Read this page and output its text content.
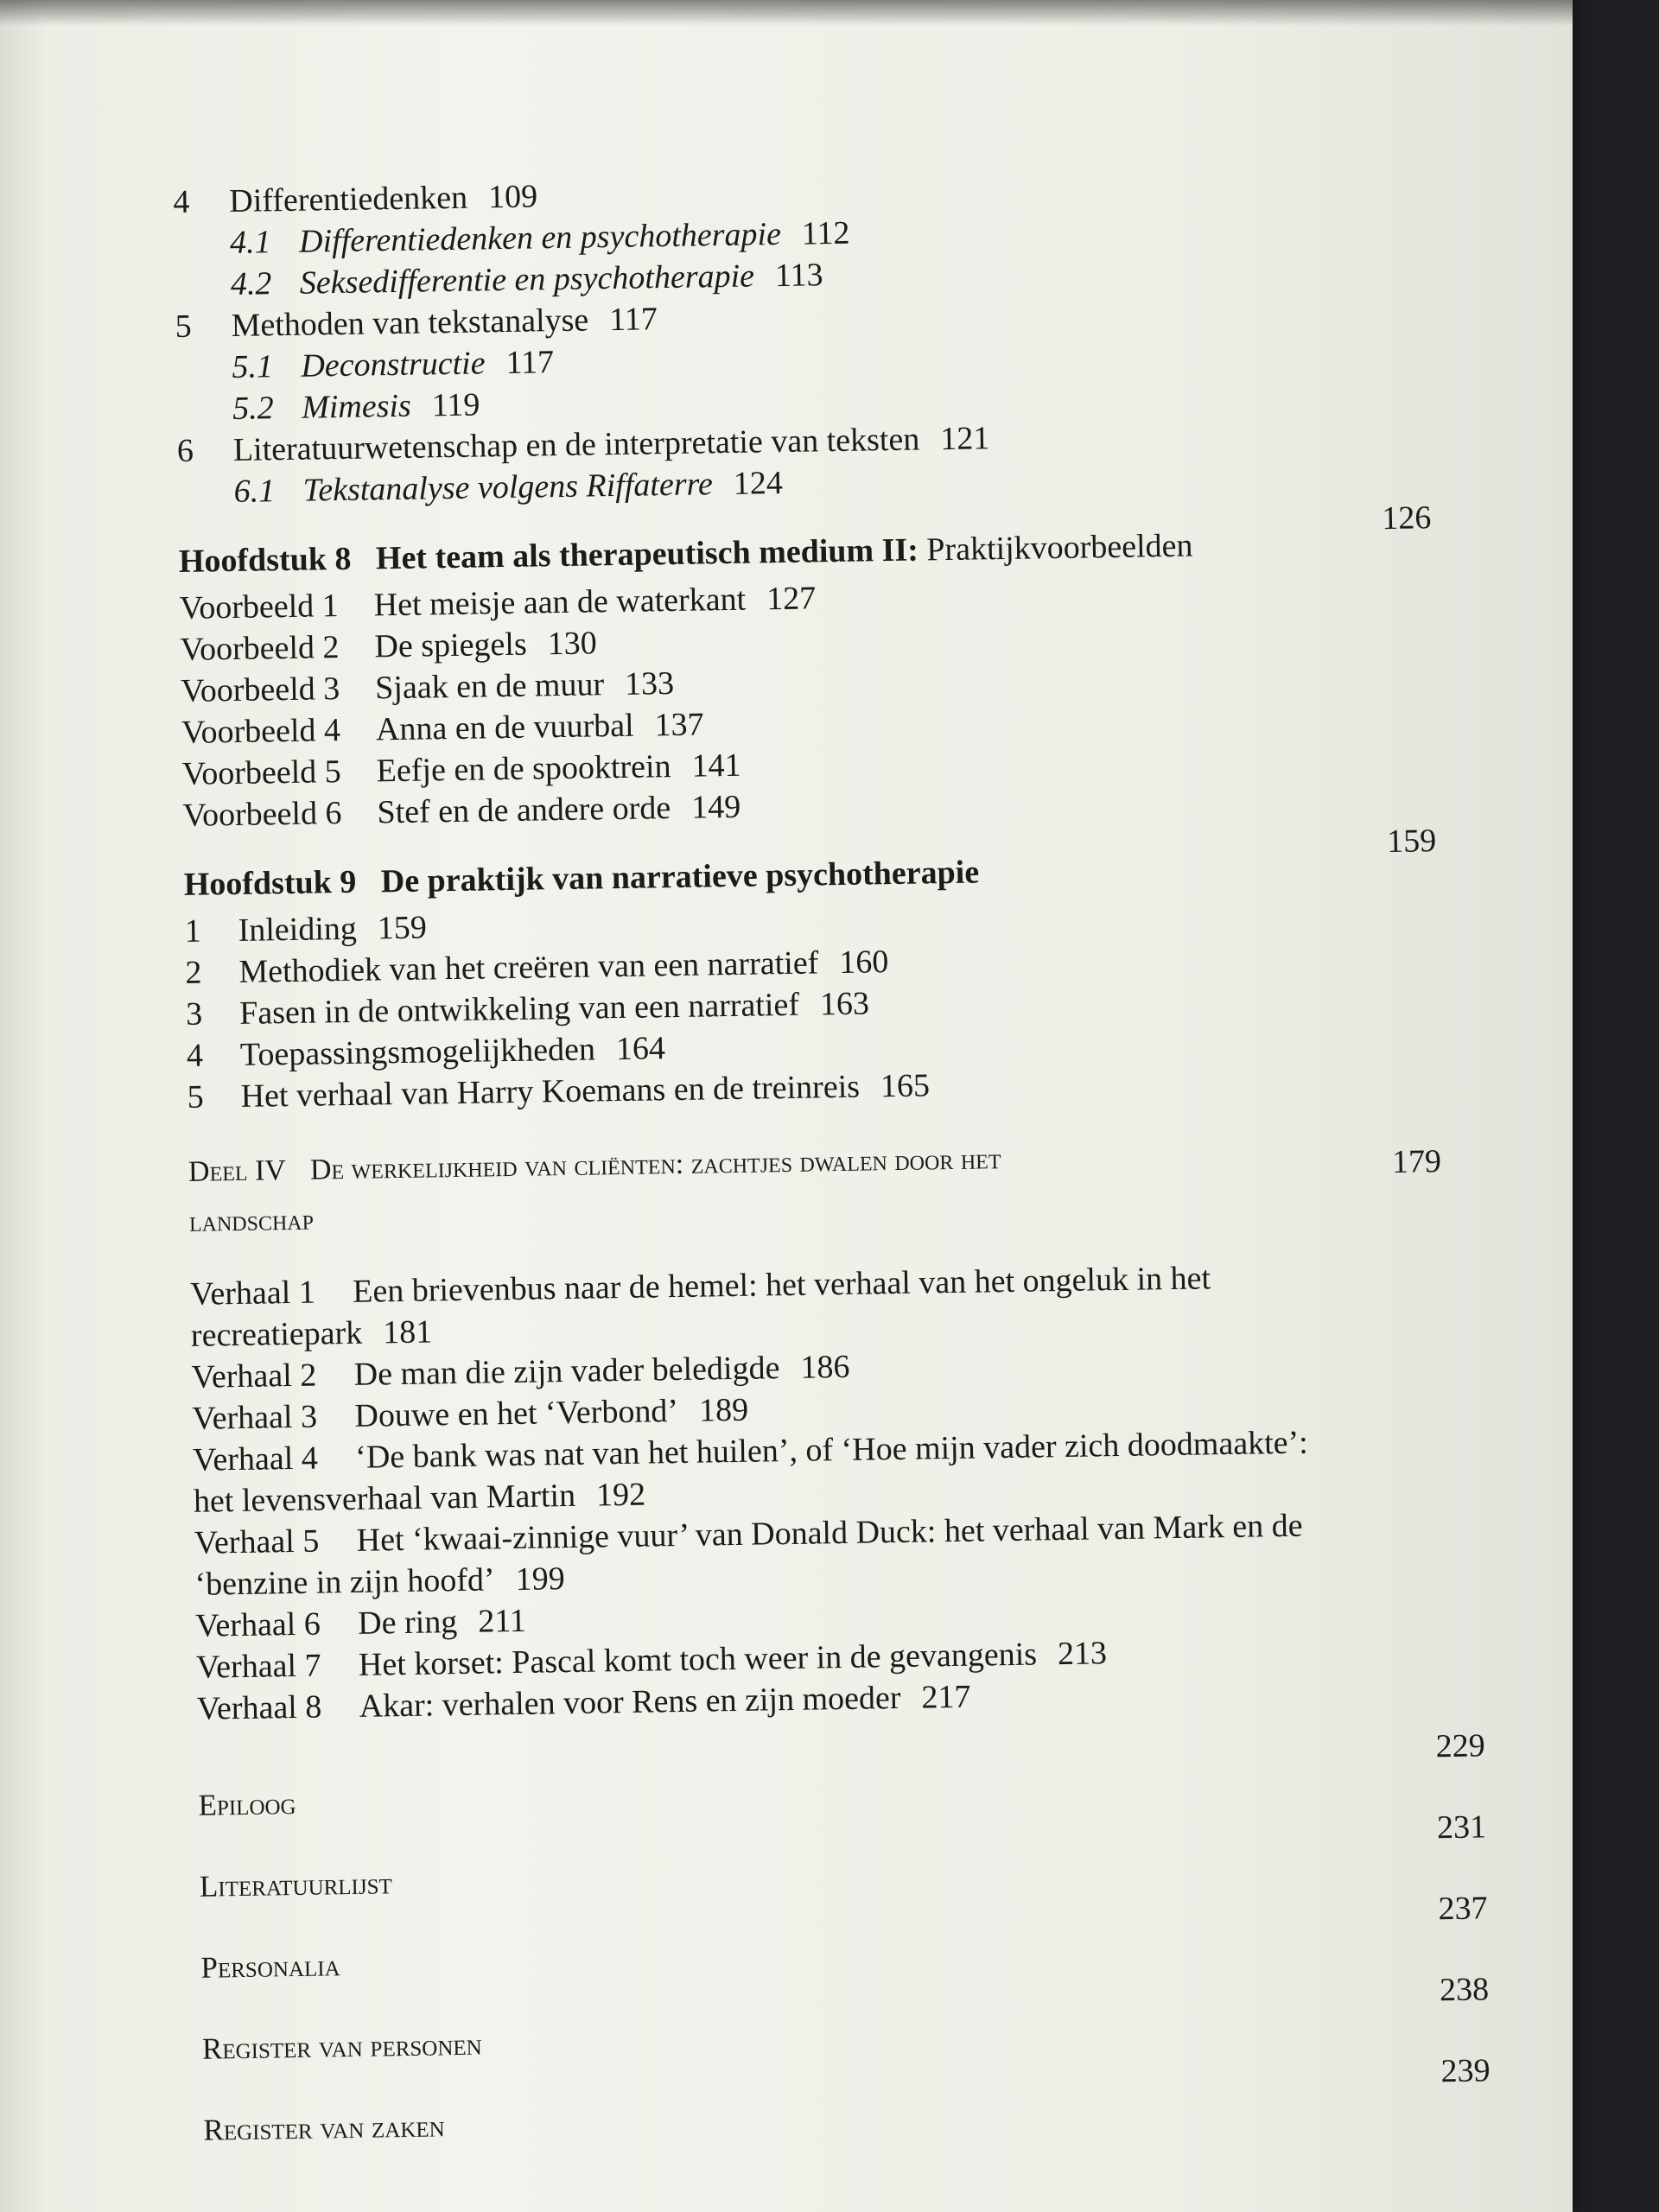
4 Differentiedenken 109
4.1 Differentiedenken en psychotherapie 112
4.2 Seksedifferentie en psychotherapie 113
5 Methoden van tekstanalyse 117
5.1 Deconstructie 117
5.2 Mimesis 119
6 Literatuurwetenschap en de interpretatie van teksten 121
6.1 Tekstanalyse volgens Riffaterre 124
Hoofdstuk 8 Het team als therapeutisch medium II: Praktijkvoorbeelden
126
Voorbeeld 1 Het meisje aan de waterkant 127
Voorbeeld 2 De spiegels 130
Voorbeeld 3 Sjaak en de muur 133
Voorbeeld 4 Anna en de vuurbal 137
Voorbeeld 5 Eefje en de spooktrein 141
Voorbeeld 6 Stef en de andere orde 149
Hoofdstuk 9 De praktijk van narratieve psychotherapie
159
1 Inleiding 159
2 Methodiek van het creëren van een narratief 160
3 Fasen in de ontwikkeling van een narratief 163
4 Toepassingsmogelijkheden 164
5 Het verhaal van Harry Koemans en de treinreis 165
Deel IV De werkelijkheid van cliënten: zachtjes dwalen door het
landschap
179
Verhaal 1 Een brievenbus naar de hemel: het verhaal van het ongeluk in het
recreatiepark 181
Verhaal 2 De man die zijn vader beledigde 186
Verhaal 3 Douwe en het ‘Verbond’ 189
Verhaal 4 ‘De bank was nat van het huilen’, of ‘Hoe mijn vader zich doodmaakte’:
het levensverhaal van Martin 192
Verhaal 5 Het ‘kwaai-zinnige vuur’ van Donald Duck: het verhaal van Mark en de
‘benzine in zijn hoofd’ 199
Verhaal 6 De ring 211
Verhaal 7 Het korset: Pascal komt toch weer in de gevangenis 213
Verhaal 8 Akar: verhalen voor Rens en zijn moeder 217
229
Epiloog
231
Literatuurlijst
237
Personalia
238
Register van personen
239
Register van zaken
